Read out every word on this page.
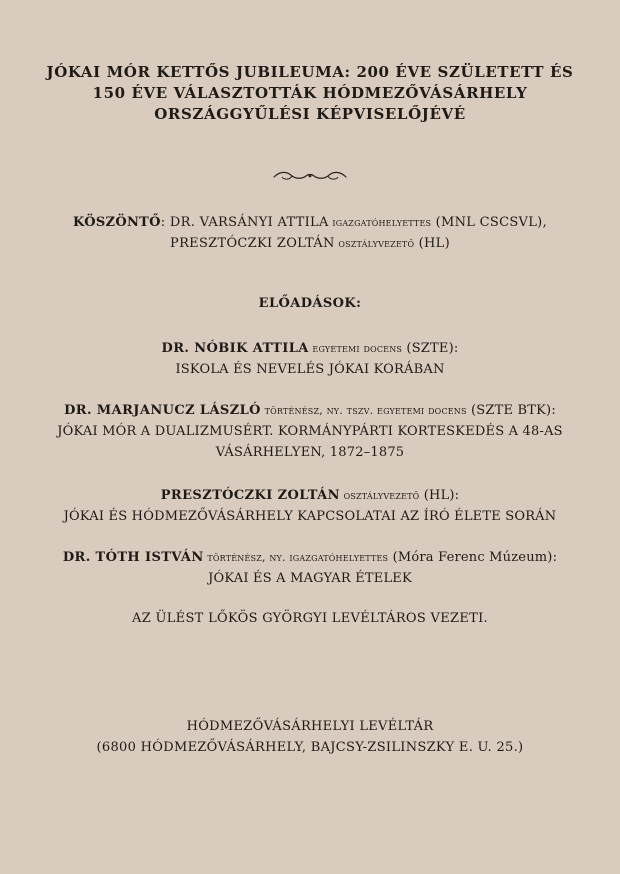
JÓKAI MÓR KETTŐS JUBILEUMA: 200 ÉVE SZÜLETETT ÉS 150 ÉVE VÁLASZTOTTÁK HÓDMEZŐVÁSÁRHELY ORSZÁGGYŰLÉSI KÉPVISELŐJÉVÉ
KÖSZÖNTŐ: DR. VARSÁNYI ATTILA igazgatóhelyettes (MNL CSCSVL),
PRESZTÓCZKI ZOLTÁN osztályvezető (HL)
ELŐADÁSOK:
DR. NÓBIK ATTILA egyetemi docens (SZTE):
ISKOLA ÉS NEVELÉS JÓKAI KORÁBAN
DR. MARJANUCZ LÁSZLÓ történész, ny. tszv. egyetemi docens (SZTE BTK):
JÓKAI MÓR A DUALIZMUSÉRT. KORMÁNYPÁRTI KORTESKEDÉS A 48-AS VÁSÁRHELYEN, 1872–1875
PRESZTÓCZKI ZOLTÁN osztályvezető (HL):
JÓKAI ÉS HÓDMEZŐVÁSÁRHELY KAPCSOLATAI AZ ÍRÓ ÉLETE SORÁN
DR. TÓTH ISTVÁN történész, ny. igazgatóhelyettes (Móra Ferenc Múzeum):
JÓKAI ÉS A MAGYAR ÉTELEK
AZ ÜLÉST LŐKÖS GYÖRGYI LEVÉLTÁROS VEZETI.
HÓDMEZŐVÁSÁRHELYI LEVÉLTÁR
(6800 HÓDMEZŐVÁSÁRHELY, BAJCSY-ZSILINSZKY E. U. 25.)
